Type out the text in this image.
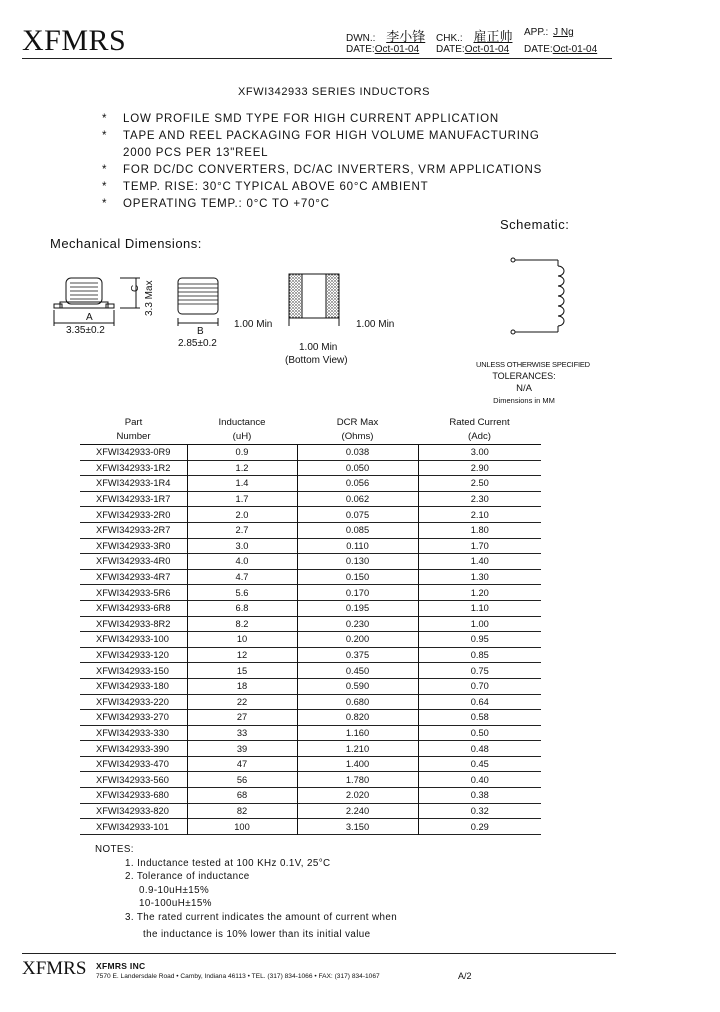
XFMRS	DWN.: 李小锋	CHK.: 雇正帅	APP.: J Ng
DATE:Oct-01-04 DATE:Oct-01-04 DATE:Oct-01-04
XFWI342933 SERIES INDUCTORS
* LOW PROFILE SMD TYPE FOR HIGH CURRENT APPLICATION
* TAPE AND REEL PACKAGING FOR HIGH VOLUME MANUFACTURING
2000 PCS PER 13"REEL
* FOR DC/DC CONVERTERS, DC/AC INVERTERS, VRM APPLICATIONS
* TEMP. RISE: 30°C TYPICAL ABOVE 60°C AMBIENT
* OPERATING TEMP.: 0°C TO +70°C
Mechanical Dimensions:
Schematic:
A
3.35±0.2
C 3.3 Max
B
2.85±0.2
1.00 Min	1.00 Min
1.00 Min
(Bottom View)	UNLESS OTHERWISE SPECIFIED
TOLERANCES:
N/A
Dimensions in MM
Part	Inductance	DCR Max	Rated Current
Number	(uH)	(Ohms)	(Adc)
XFWI342933-0R9	0.9	0.038	3.00
XFWI342933-1R2	1.2	0.050	2.90
XFWI342933-1R4	1.4	0.056	2.50
XFWI342933-1R7	1.7	0.062	2.30
XFWI342933-2R0	2.0	0.075	2.10
XFWI342933-2R7	2.7	0.085	1.80
XFWI342933-3R0	3.0	0.110	1.70
XFWI342933-4R0	4.0	0.130	1.40
XFWI342933-4R7	4.7	0.150	1.30
XFWI342933-5R6	5.6	0.170	1.20
XFWI342933-6R8	6.8	0.195	1.10
XFWI342933-8R2	8.2	0.230	1.00
XFWI342933-100	10	0.200	0.95
XFWI342933-120	12	0.375	0.85
XFWI342933-150	15	0.450	0.75
XFWI342933-180	18	0.590	0.70
XFWI342933-220	22	0.680	0.64
XFWI342933-270	27	0.820	0.58
XFWI342933-330	33	1.160	0.50
XFWI342933-390	39	1.210	0.48
XFWI342933-470	47	1.400	0.45
XFWI342933-560	56	1.780	0.40
XFWI342933-680	68	2.020	0.38
XFWI342933-820	82	2.240	0.32
XFWI342933-101	100	3.150	0.29
NOTES:
1. Inductance tested at 100 KHz 0.1V, 25°C
2. Tolerance of inductance
0.9-10uH±15%
10-100uH±15%
3. The rated current indicates the amount of current when
the inductance is 10% lower than its initial value
XFMRS XFMRS INC
7570 E. Landersdale Road • Camby, Indiana 46113 • TEL. (317) 834-1066 • FAX: (317) 834-1067	A/2
